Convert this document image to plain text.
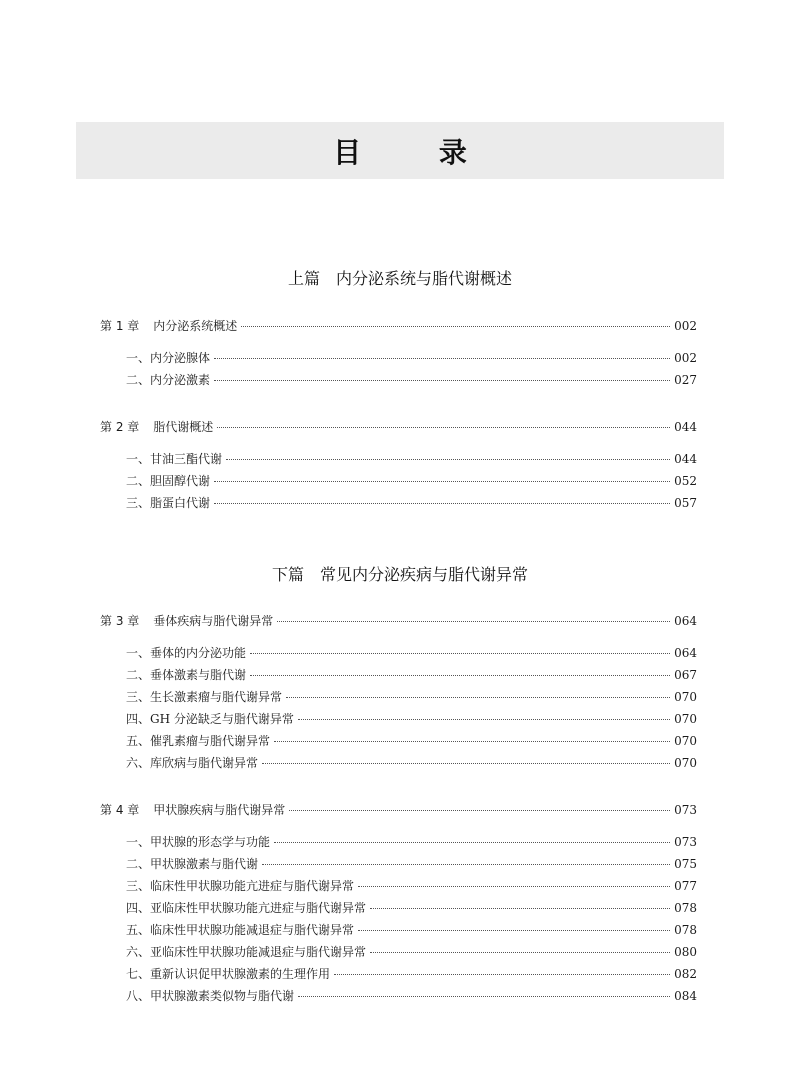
目 录
上篇 内分泌系统与脂代谢概述
第 1 章 内分泌系统概述	002
一、内分泌腺体	002
二、内分泌激素	027
第 2 章 脂代谢概述	044
一、甘油三酯代谢	044
二、胆固醇代谢	052
三、脂蛋白代谢	057
下篇 常见内分泌疾病与脂代谢异常
第 3 章 垂体疾病与脂代谢异常	064
一、垂体的内分泌功能	064
二、垂体激素与脂代谢	067
三、生长激素瘤与脂代谢异常	070
四、GH 分泌缺乏与脂代谢异常	070
五、催乳素瘤与脂代谢异常	070
六、库欣病与脂代谢异常	070
第 4 章 甲状腺疾病与脂代谢异常	073
一、甲状腺的形态学与功能	073
二、甲状腺激素与脂代谢	075
三、临床性甲状腺功能亢进症与脂代谢异常	077
四、亚临床性甲状腺功能亢进症与脂代谢异常	078
五、临床性甲状腺功能减退症与脂代谢异常	078
六、亚临床性甲状腺功能减退症与脂代谢异常	080
七、重新认识促甲状腺激素的生理作用	082
八、甲状腺激素类似物与脂代谢	084
